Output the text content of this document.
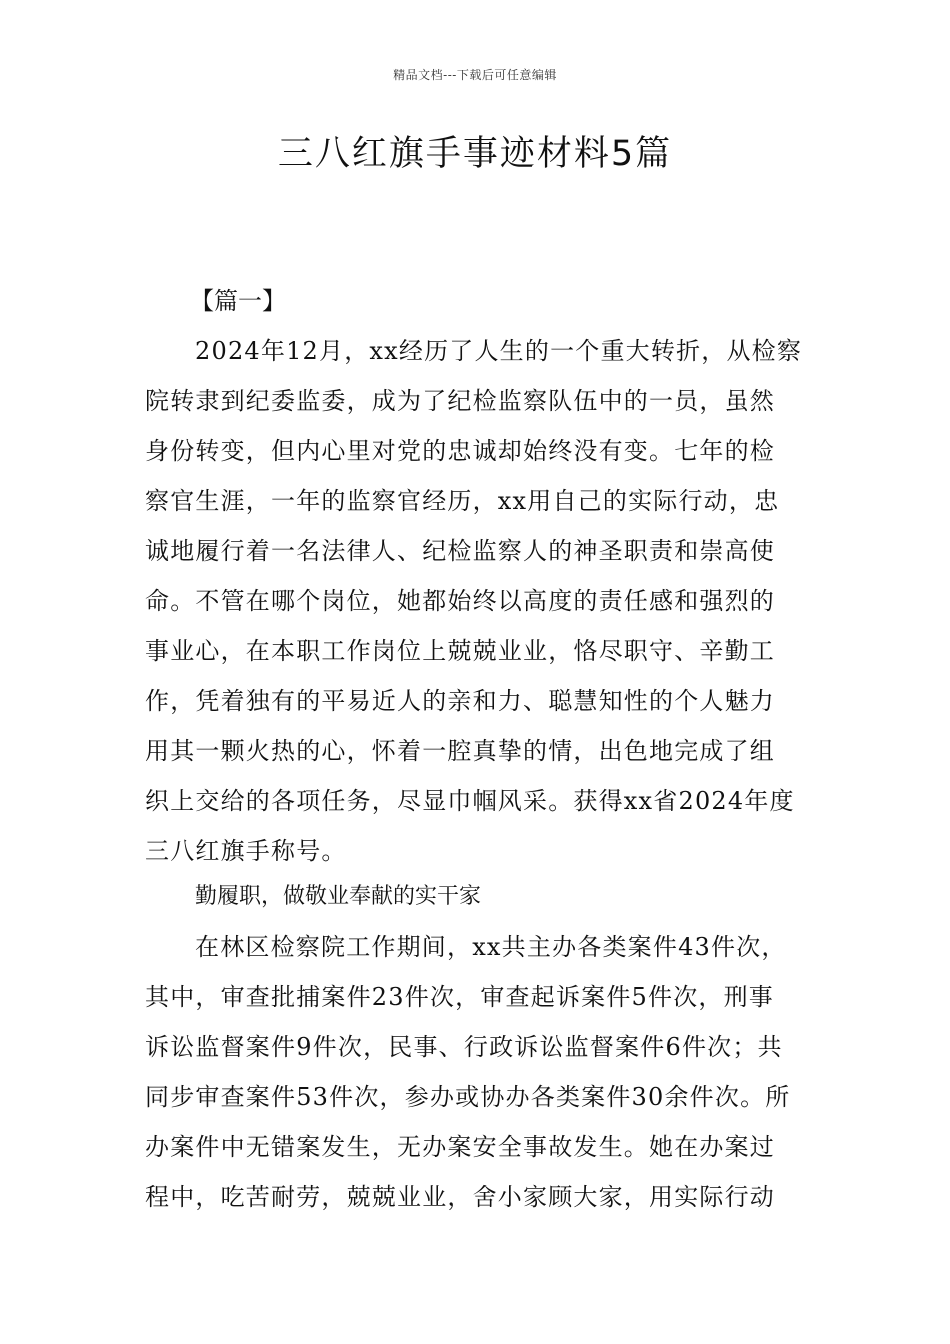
精品文档---下载后可任意编辑
三八红旗手事迹材料5篇
【篇一】
2024年12月，xx经历了人生的一个重大转折，从检察
院转隶到纪委监委，成为了纪检监察队伍中的一员，虽然
身份转变，但内心里对党的忠诚却始终没有变。七年的检
察官生涯，一年的监察官经历，xx用自己的实际行动，忠
诚地履行着一名法律人、纪检监察人的神圣职责和崇高使
命。不管在哪个岗位，她都始终以高度的责任感和强烈的
事业心，在本职工作岗位上兢兢业业，恪尽职守、辛勤工
作，凭着独有的平易近人的亲和力、聪慧知性的个人魅力
用其一颗火热的心，怀着一腔真挚的情，出色地完成了组
织上交给的各项任务，尽显巾帼风采。获得xx省2024年度
三八红旗手称号。
勤履职，做敬业奉献的实干家
在林区检察院工作期间，xx共主办各类案件43件次，
其中，审查批捕案件23件次，审查起诉案件5件次，刑事
诉讼监督案件9件次，民事、行政诉讼监督案件6件次；共
同步审查案件53件次，参办或协办各类案件30余件次。所
办案件中无错案发生，无办案安全事故发生。她在办案过
程中，吃苦耐劳，兢兢业业，舍小家顾大家，用实际行动
